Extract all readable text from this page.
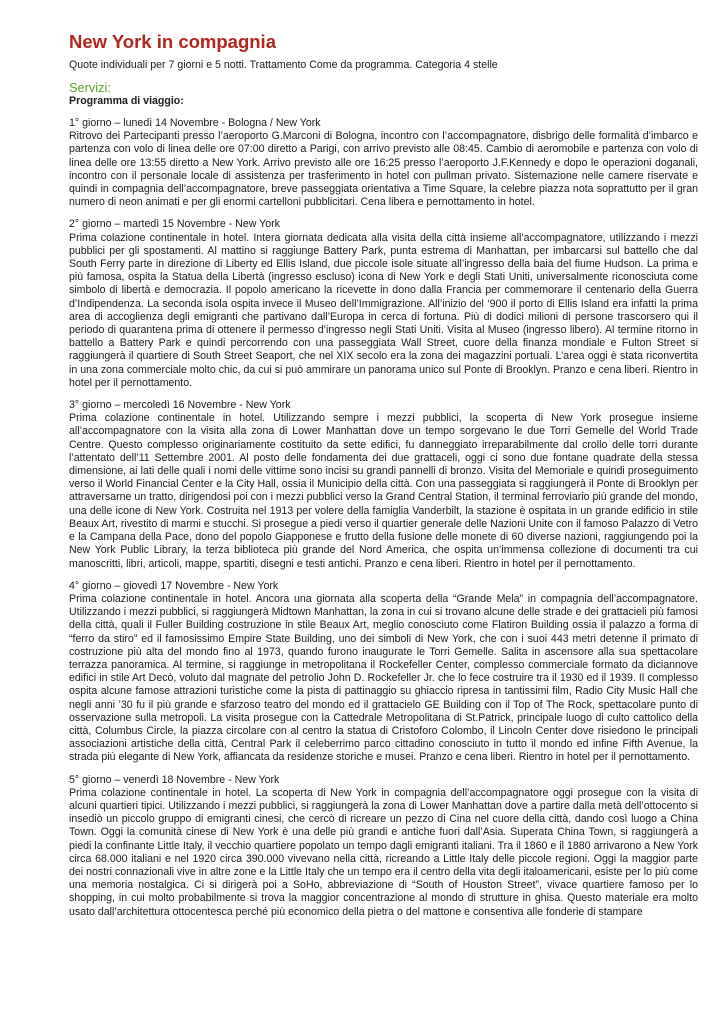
New York in compagnia

Quote individuali per 7 giorni e 5 notti. Trattamento Come da programma. Categoria 4 stelle

Servizi:

Programma di viaggio:

1° giorno – lunedì 14 Novembre - Bologna / New York

Ritrovo dei Partecipanti presso l’aeroporto G.Marconi di Bologna, incontro con l’accompagnatore, disbrigo delle formalità d’imbarco e partenza con volo di linea delle ore 07:00 diretto a Parigi, con arrivo previsto alle 08:45. Cambio di aeromobile e partenza con volo di linea delle ore 13:55 diretto a New York. Arrivo previsto alle ore 16:25 presso l’aeroporto J.F.Kennedy e dopo le operazioni doganali, incontro con il personale locale di assistenza per trasferimento in hotel con pullman privato. Sistemazione nelle camere riservate e quindi in compagnia dell’accompagnatore, breve passeggiata orientativa a Time Square, la celebre piazza nota soprattutto per il gran numero di neon animati e per gli enormi cartelloni pubblicitari. Cena libera e pernottamento in hotel.

2° giorno – martedì 15 Novembre - New York

Prima colazione continentale in hotel. Intera giornata dedicata alla visita della città insieme all’accompagnatore, utilizzando i mezzi pubblici per gli spostamenti. Al mattino si raggiunge Battery Park, punta estrema di Manhattan, per imbarcarsi sul battello che dal South Ferry parte in direzione di Liberty ed Ellis Island, due piccole isole situate all’ingresso della baia del fiume Hudson. La prima e più famosa, ospita la Statua della Libertà (ingresso escluso) icona di New York e degli Stati Uniti, universalmente riconosciuta come simbolo di libertà e democrazia. Il popolo americano la ricevette in dono dalla Francia per commemorare il centenario della Guerra d’Indipendenza. La seconda isola ospita invece il Museo dell’Immigrazione. All’inizio del ‘900 il porto di Ellis Island era infatti la prima area di accoglienza degli emigranti che partivano dall’Europa in cerca di fortuna. Più di dodici milioni di persone trascorsero qui il periodo di quarantena prima di ottenere il permesso d’ingresso negli Stati Uniti. Visita al Museo (ingresso libero). Al termine ritorno in battello a Battery Park e quindi percorrendo con una passeggiata Wall Street, cuore della finanza mondiale e Fulton Street si raggiungerà il quartiere di South Street Seaport, che nel XIX secolo era la zona dei magazzini portuali. L’area oggi è stata riconvertita in una zona commerciale molto chic, da cui si può ammirare un panorama unico sul Ponte di Brooklyn. Pranzo e cena liberi. Rientro in hotel per il pernottamento.

3° giorno – mercoledì 16 Novembre - New York

Prima colazione continentale in hotel. Utilizzando sempre i mezzi pubblici, la scoperta di New York prosegue insieme all’accompagnatore con la visita alla zona di Lower Manhattan dove un tempo sorgevano le due Torri Gemelle del World Trade Centre. Questo complesso originariamente costituito da sette edifici, fu danneggiato irreparabilmente dal crollo delle torri durante l’attentato dell’11 Settembre 2001. Al posto delle fondamenta dei due grattaceli, oggi ci sono due fontane quadrate della stessa dimensione, ai lati delle quali i nomi delle vittime sono incisi su grandi pannelli di bronzo. Visita del Memoriale e quindi proseguimento verso il World Financial Center e la City Hall, ossia il Municipio della città. Con una passeggiata si raggiungerà il Ponte di Brooklyn per attraversarne un tratto, dirigendosi poi con i mezzi pubblici verso la Grand Central Station, il terminal ferroviario più grande del mondo, una delle icone di New York. Costruita nel 1913 per volere della famiglia Vanderbilt, la stazione è ospitata in un grande edificio in stile Beaux Art, rivestito di marmi e stucchi. Si prosegue a piedi verso il quartier generale delle Nazioni Unite con il famoso Palazzo di Vetro e la Campana della Pace, dono del popolo Giapponese e frutto della fusione delle monete di 60 diverse nazioni, raggiungendo poi la New York Public Library, la terza biblioteca più grande del Nord America, che ospita un’immensa collezione di documenti tra cui manoscritti, libri, articoli, mappe, spartiti, disegni e testi antichi. Pranzo e cena liberi. Rientro in hotel per il pernottamento.

4° giorno – giovedì 17 Novembre - New York

Prima colazione continentale in hotel. Ancora una giornata alla scoperta della “Grande Mela” in compagnia dell’accompagnatore. Utilizzando i mezzi pubblici, si raggiungerà Midtown Manhattan, la zona in cui si trovano alcune delle strade e dei grattacieli più famosi della città, quali il Fuller Building costruzione in stile Beaux Art, meglio conosciuto come Flatiron Building ossia il palazzo a forma di “ferro da stiro” ed il famosissimo Empire State Building, uno dei simboli di New York, che con i suoi 443 metri detenne il primato di costruzione più alta del mondo fino al 1973, quando furono inaugurate le Torri Gemelle. Salita in ascensore alla sua spettacolare terrazza panoramica. Al termine, si raggiunge in metropolitana il Rockefeller Center, complesso commerciale formato da diciannove edifici in stile Art Decò, voluto dal magnate del petrolio John D. Rockefeller Jr. che lo fece costruire tra il 1930 ed il 1939. Il complesso ospita alcune famose attrazioni turistiche come la pista di pattinaggio su ghiaccio ripresa in tantissimi film, Radio City Music Hall che negli anni ’30 fu il più grande e sfarzoso teatro del mondo ed il grattacielo GE Building con il Top of The Rock, spettacolare punto di osservazione sulla metropoli. La visita prosegue con la Cattedrale Metropolitana di St.Patrick, principale luogo di culto cattolico della città, Columbus Circle, la piazza circolare con al centro la statua di Cristoforo Colombo, il Lincoln Center dove risiedono le principali associazioni artistiche della città, Central Park il celeberrimo parco cittadino conosciuto in tutto il mondo ed infine Fifth Avenue, la strada più elegante di New York, affiancata da residenze storiche e musei. Pranzo e cena liberi. Rientro in hotel per il pernottamento.

5° giorno – venerdì 18 Novembre - New York

Prima colazione continentale in hotel. La scoperta di New York in compagnia dell’accompagnatore oggi prosegue con la visita di alcuni quartieri tipici. Utilizzando i mezzi pubblici, si raggiungerà la zona di Lower Manhattan dove a partire dalla metà dell’ottocento si insediò un piccolo gruppo di emigranti cinesi, che cercò di ricreare un pezzo di Cina nel cuore della città, dando così luogo a China Town. Oggi la comunità cinese di New York è una delle più grandi e antiche fuori dall’Asia. Superata China Town, si raggiungerà a piedi la confinante Little Italy, il vecchio quartiere popolato un tempo dagli emigranti italiani. Tra il 1860 e il 1880 arrivarono a New York circa 68.000 italiani e nel 1920 circa 390.000 vivevano nella città, ricreando a Little Italy delle piccole regioni. Oggi la maggior parte dei nostri connazionali vive in altre zone e la Little Italy che un tempo era il centro della vita degli italoamericani, esiste per lo più come una memoria nostalgica. Ci si dirigerà poi a SoHo, abbreviazione di “South of Houston Street”, vivace quartiere famoso per lo shopping, in cui molto probabilmente si trova la maggior concentrazione al mondo di strutture in ghisa. Questo materiale era molto usato dall’architettura ottocentesca perché più economico della pietra o del mattone e consentiva alle fonderie di stampare
